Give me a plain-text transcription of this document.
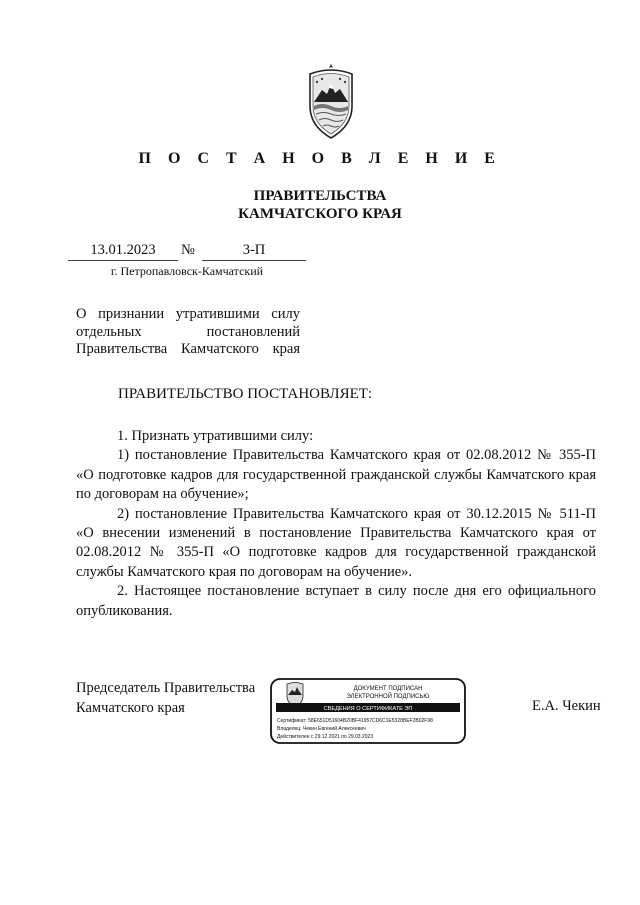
П О С Т А Н О В Л Е Н И Е
ПРАВИТЕЛЬСТВА
КАМЧАТСКОГО КРАЯ
13.01.2023	№	3-П
г. Петропавловск-Камчатский
О признании утратившими силу
отдельных постановлений
Правительства Камчатского края
ПРАВИТЕЛЬСТВО ПОСТАНОВЛЯЕТ:

1. Признать утратившими силу:

1) постановление Правительства Камчатского края от 02.08.2012 № 355-П «О подготовке кадров для государственной гражданской службы Камчатского края по договорам на обучение»;

2) постановление Правительства Камчатского края от 30.12.2015 № 511-П «О внесении изменений в постановление Правительства Камчатского края от 02.08.2012 № 355-П «О подготовке кадров для государственной гражданской службы Камчатского края по договорам на обучение».

2. Настоящее постановление вступает в силу после дня его официального опубликования.

Председатель Правительства
Камчатского края
ДОКУМЕНТ ПОДПИСАН
ЭЛЕКТРОННОЙ ПОДПИСЬЮ
СВЕДЕНИЯ О СЕРТИФИКАТЕ ЭП
Сертификат: 58E651D51604B20BF41957CD6C1E5328BEF2B02F98
Владелец: Чекин Евгений Алексеевич
Действителен с 29.12.2021 по 29.03.2023
Е.А. Чекин
